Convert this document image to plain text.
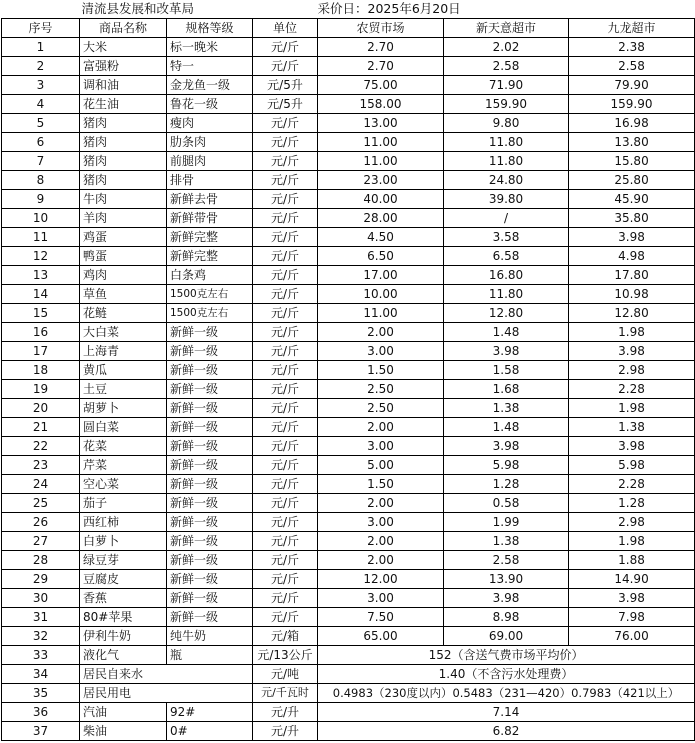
清流县发展和改革局				采价日：2025年6月20日		
序号	商品名称	规格等级	单位	农贸市场	新天意超市	九龙超市
1	大米	标一晚米	元/斤	2.70	2.02	2.38
2	富强粉	特一	元/斤	2.70	2.58	2.58
3	调和油	金龙鱼一级	元/5升	75.00	71.90	79.90
4	花生油	鲁花一级	元/5升	158.00	159.90	159.90
5	猪肉	瘦肉	元/斤	13.00	9.80	16.98
6	猪肉	肋条肉	元/斤	11.00	11.80	13.80
7	猪肉	前腿肉	元/斤	11.00	11.80	15.80
8	猪肉	排骨	元/斤	23.00	24.80	25.80
9	牛肉	新鲜去骨	元/斤	40.00	39.80	45.90
10	羊肉	新鲜带骨	元/斤	28.00	/	35.80
11	鸡蛋	新鲜完整	元/斤	4.50	3.58	3.98
12	鸭蛋	新鲜完整	元/斤	6.50	6.58	4.98
13	鸡肉	白条鸡	元/斤	17.00	16.80	17.80
14	草鱼	1500克左右	元/斤	10.00	11.80	10.98
15	花鲢	1500克左右	元/斤	11.00	12.80	12.80
16	大白菜	新鲜一级	元/斤	2.00	1.48	1.98
17	上海青	新鲜一级	元/斤	3.00	3.98	3.98
18	黄瓜	新鲜一级	元/斤	1.50	1.58	2.98
19	土豆	新鲜一级	元/斤	2.50	1.68	2.28
20	胡萝卜	新鲜一级	元/斤	2.50	1.38	1.98
21	圆白菜	新鲜一级	元/斤	2.00	1.48	1.38
22	花菜	新鲜一级	元/斤	3.00	3.98	3.98
23	芹菜	新鲜一级	元/斤	5.00	5.98	5.98
24	空心菜	新鲜一级	元/斤	1.50	1.28	2.28
25	茄子	新鲜一级	元/斤	2.00	0.58	1.28
26	西红柿	新鲜一级	元/斤	3.00	1.99	2.98
27	白萝卜	新鲜一级	元/斤	2.00	1.38	1.98
28	绿豆芽	新鲜一级	元/斤	2.00	2.58	1.88
29	豆腐皮	新鲜一级	元/斤	12.00	13.90	14.90
30	香蕉	新鲜一级	元/斤	3.00	3.98	3.98
31	80#苹果	新鲜一级	元/斤	7.50	8.98	7.98
32	伊利牛奶	纯牛奶	元/箱	65.00	69.00	76.00
33	液化气	瓶	元/13公斤	152（含送气费市场平均价）		
34	居民自来水		元/吨	1.40（不含污水处理费）		
35	居民用电		元/千瓦时	0.4983（230度以内）0.5483（231—420）0.7983（421以上）		
36	汽油	92#	元/升	7.14		
37	柴油	0#	元/升	6.82		
